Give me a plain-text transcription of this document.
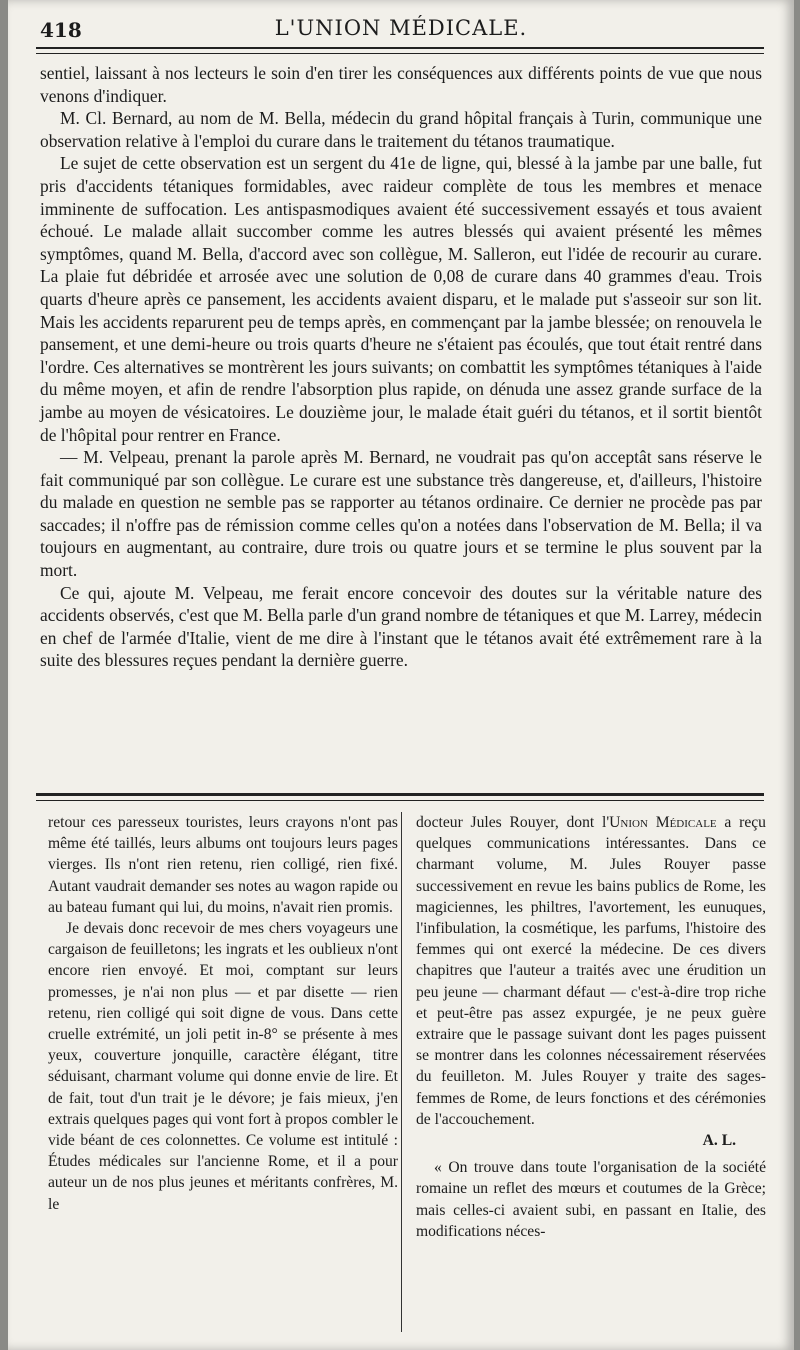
418	L'UNION MÉDICALE.

sentiel, laissant à nos lecteurs le soin d'en tirer les conséquences aux différents points de vue que nous venons d'indiquer.

M. Cl. Bernard, au nom de M. Bella, médecin du grand hôpital français à Turin, communique une observation relative à l'emploi du curare dans le traitement du tétanos traumatique.

Le sujet de cette observation est un sergent du 41e de ligne, qui, blessé à la jambe par une balle, fut pris d'accidents tétaniques formidables, avec raideur complète de tous les membres et menace imminente de suffocation. Les antispasmodiques avaient été successivement essayés et tous avaient échoué. Le malade allait succomber comme les autres blessés qui avaient présenté les mêmes symptômes, quand M. Bella, d'accord avec son collègue, M. Salleron, eut l'idée de recourir au curare. La plaie fut débridée et arrosée avec une solution de 0,08 de curare dans 40 grammes d'eau. Trois quarts d'heure après ce pansement, les accidents avaient disparu, et le malade put s'asseoir sur son lit. Mais les accidents reparurent peu de temps après, en commençant par la jambe blessée; on renouvela le pansement, et une demi-heure ou trois quarts d'heure ne s'étaient pas écoulés, que tout était rentré dans l'ordre. Ces alternatives se montrèrent les jours suivants; on combattit les symptômes tétaniques à l'aide du même moyen, et afin de rendre l'absorption plus rapide, on dénuda une assez grande surface de la jambe au moyen de vésicatoires. Le douzième jour, le malade était guéri du tétanos, et il sortit bientôt de l'hôpital pour rentrer en France.

— M. Velpeau, prenant la parole après M. Bernard, ne voudrait pas qu'on acceptât sans réserve le fait communiqué par son collègue. Le curare est une substance très dangereuse, et, d'ailleurs, l'histoire du malade en question ne semble pas se rapporter au tétanos ordinaire. Ce dernier ne procède pas par saccades; il n'offre pas de rémission comme celles qu'on a notées dans l'observation de M. Bella; il va toujours en augmentant, au contraire, dure trois ou quatre jours et se termine le plus souvent par la mort.

Ce qui, ajoute M. Velpeau, me ferait encore concevoir des doutes sur la véritable nature des accidents observés, c'est que M. Bella parle d'un grand nombre de tétaniques et que M. Larrey, médecin en chef de l'armée d'Italie, vient de me dire à l'instant que le tétanos avait été extrêmement rare à la suite des blessures reçues pendant la dernière guerre.

retour ces paresseux touristes, leurs crayons n'ont pas même été taillés, leurs albums ont toujours leurs pages vierges. Ils n'ont rien retenu, rien colligé, rien fixé. Autant vaudrait demander ses notes au wagon rapide ou au bateau fumant qui lui, du moins, n'avait rien promis.

Je devais donc recevoir de mes chers voyageurs une cargaison de feuilletons; les ingrats et les oublieux n'ont encore rien envoyé. Et moi, comptant sur leurs promesses, je n'ai non plus — et par disette — rien retenu, rien colligé qui soit digne de vous. Dans cette cruelle extrémité, un joli petit in-8° se présente à mes yeux, couverture jonquille, caractère élégant, titre séduisant, charmant volume qui donne envie de lire. Et de fait, tout d'un trait je le dévore; je fais mieux, j'en extrais quelques pages qui vont fort à propos combler le vide béant de ces colonnettes. Ce volume est intitulé : Études médicales sur l'ancienne Rome, et il a pour auteur un de nos plus jeunes et méritants confrères, M. le

docteur Jules Rouyer, dont l'Union Médicale a reçu quelques communications intéressantes. Dans ce charmant volume, M. Jules Rouyer passe successivement en revue les bains publics de Rome, les magiciennes, les philtres, l'avortement, les eunuques, l'infibulation, la cosmétique, les parfums, l'histoire des femmes qui ont exercé la médecine. De ces divers chapitres que l'auteur a traités avec une érudition un peu jeune — charmant défaut — c'est-à-dire trop riche et peut-être pas assez expurgée, je ne peux guère extraire que le passage suivant dont les pages puissent se montrer dans les colonnes nécessairement réservées du feuilleton. M. Jules Rouyer y traite des sages-femmes de Rome, de leurs fonctions et des cérémonies de l'accouchement.

A. L.

« On trouve dans toute l'organisation de la société romaine un reflet des mœurs et coutumes de la Grèce; mais celles-ci avaient subi, en passant en Italie, des modifications néces-
